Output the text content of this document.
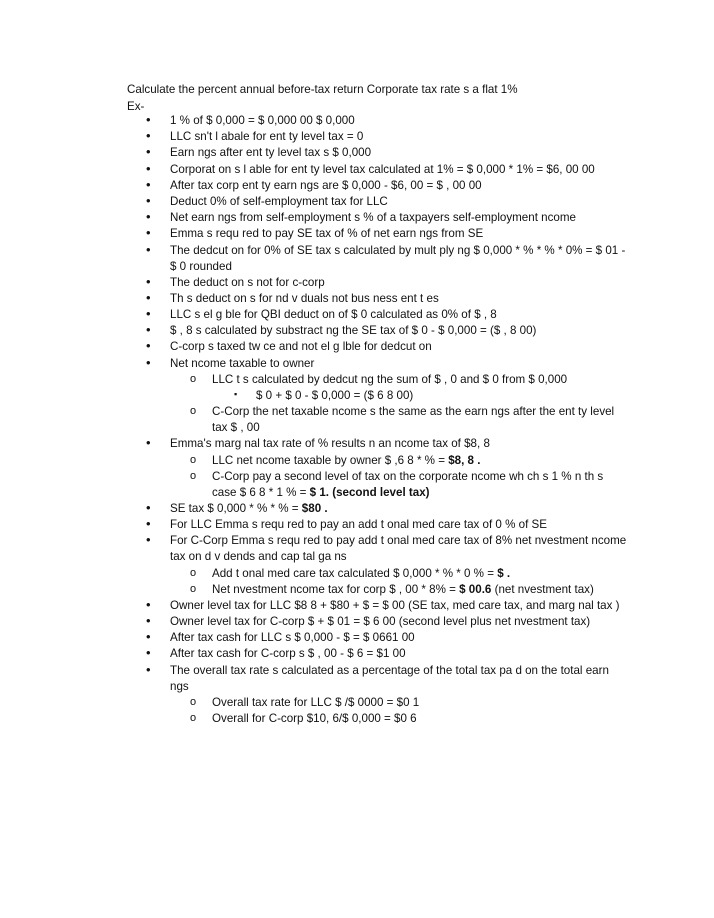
Calculate the percent annual before-tax return Corporate tax rate s a flat 1%
Ex-
• 1 % of $ 0,000 = $ 0,000 00 $ 0,000
• LLC sn't l abale for ent ty level tax = 0
• Earn ngs after ent ty level tax s $ 0,000
• Corporat on s l able for ent ty level tax calculated at 1% = $ 0,000 * 1% = $6, 00 00
• After tax corp ent ty earn ngs are $ 0,000 - $6, 00 = $ , 00 00
• Deduct 0% of self-employment tax for LLC
• Net earn ngs from self-employment s % of a taxpayers self-employment ncome
• Emma s requ red to pay SE tax of % of net earn ngs from SE
• The dedcut on for 0% of SE tax s calculated by mult ply ng $ 0,000 * % * % * 0% = $ 01 - $ 0 rounded
• The deduct on s not for c-corp
• Th s deduct on s for nd v duals not bus ness ent t es
• LLC s el g ble for QBI deduct on of $ 0 calculated as 0% of $ , 8
• $ , 8 s calculated by substract ng the SE tax of $ 0 - $ 0,000 = ($ , 8 00)
• C-corp s taxed tw ce and not el g lble for dedcut on
• Net ncome taxable to owner
o LLC t s calculated by dedcut ng the sum of $ , 0 and $ 0 from $ 0,000
▪ $ 0 + $ 0 - $ 0,000 = ($ 6 8 00)
o C-Corp the net taxable ncome s the same as the earn ngs after the ent ty level tax $ , 00
• Emma's marg nal tax rate of % results n an ncome tax of $8, 8
o LLC net ncome taxable by owner $ ,6 8 * % = $8, 8 .
o C-Corp pay a second level of tax on the corporate ncome wh ch s 1 % n th s case $ 6 8 * 1 % = $ 1. (second level tax)
• SE tax $ 0,000 * % * % = $80 .
• For LLC Emma s requ red to pay an add t onal med care tax of 0 % of SE
• For C-Corp Emma s requ red to pay add t onal med care tax of 8% net nvestment ncome tax on d v dends and cap tal ga ns
o Add t onal med care tax calculated $ 0,000 * % * 0 % = $ .
o Net nvestment ncome tax for corp $ , 00 * 8% = $ 00.6 (net nvestment tax)
• Owner level tax for LLC $8 8 + $80 + $ = $ 00 (SE tax, med care tax, and marg nal tax )
• Owner level tax for C-corp $ + $ 01 = $ 6 00 (second level plus net nvestment tax)
• After tax cash for LLC s $ 0,000 - $ = $ 0661 00
• After tax cash for C-corp s $ , 00 - $ 6 = $1 00
• The overall tax rate s calculated as a percentage of the total tax pa d on the total earn ngs
o Overall tax rate for LLC $ /$ 0000 = $0 1
o Overall for C-corp $10, 6/$ 0,000 = $0 6
